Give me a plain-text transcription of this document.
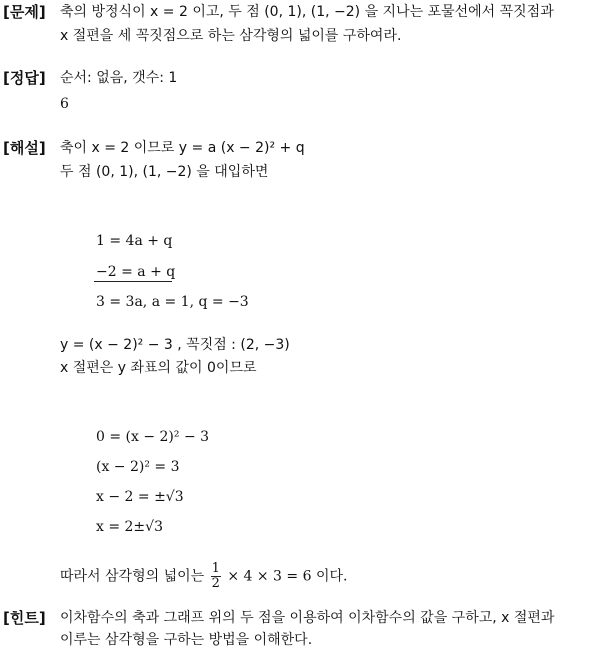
[문제] 축의 방정식이 x = 2 이고, 두 점 (0, 1), (1, −2) 을 지나는 포물선에서 꼭짓점과
x 절편을 세 꼭짓점으로 하는 삼각형의 넓이를 구하여라.
[정답] 순서: 없음, 갯수: 1
6
[해설] 축이 x = 2 이므로 y = a (x − 2)² + q
두 점 (0, 1), (1, −2) 을 대입하면
1 = 4a + q
−2 = a + q
3 = 3a, a = 1, q = −3
y = (x − 2)² − 3 , 꼭짓점 : (2, −3)
x 절편은 y 좌표의 값이 0이므로
0 = (x − 2)² − 3
(x − 2)² = 3
x − 2 = ±√3
x = 2±√3
따라서 삼각형의 넓이는 $\frac{1}{2} \times 4 \times 3 = 6$ 이다.
[힌트] 이차함수의 축과 그래프 위의 두 점을 이용하여 이차함수의 값을 구하고, x 절편과
이루는 삼각형을 구하는 방법을 이해한다.
